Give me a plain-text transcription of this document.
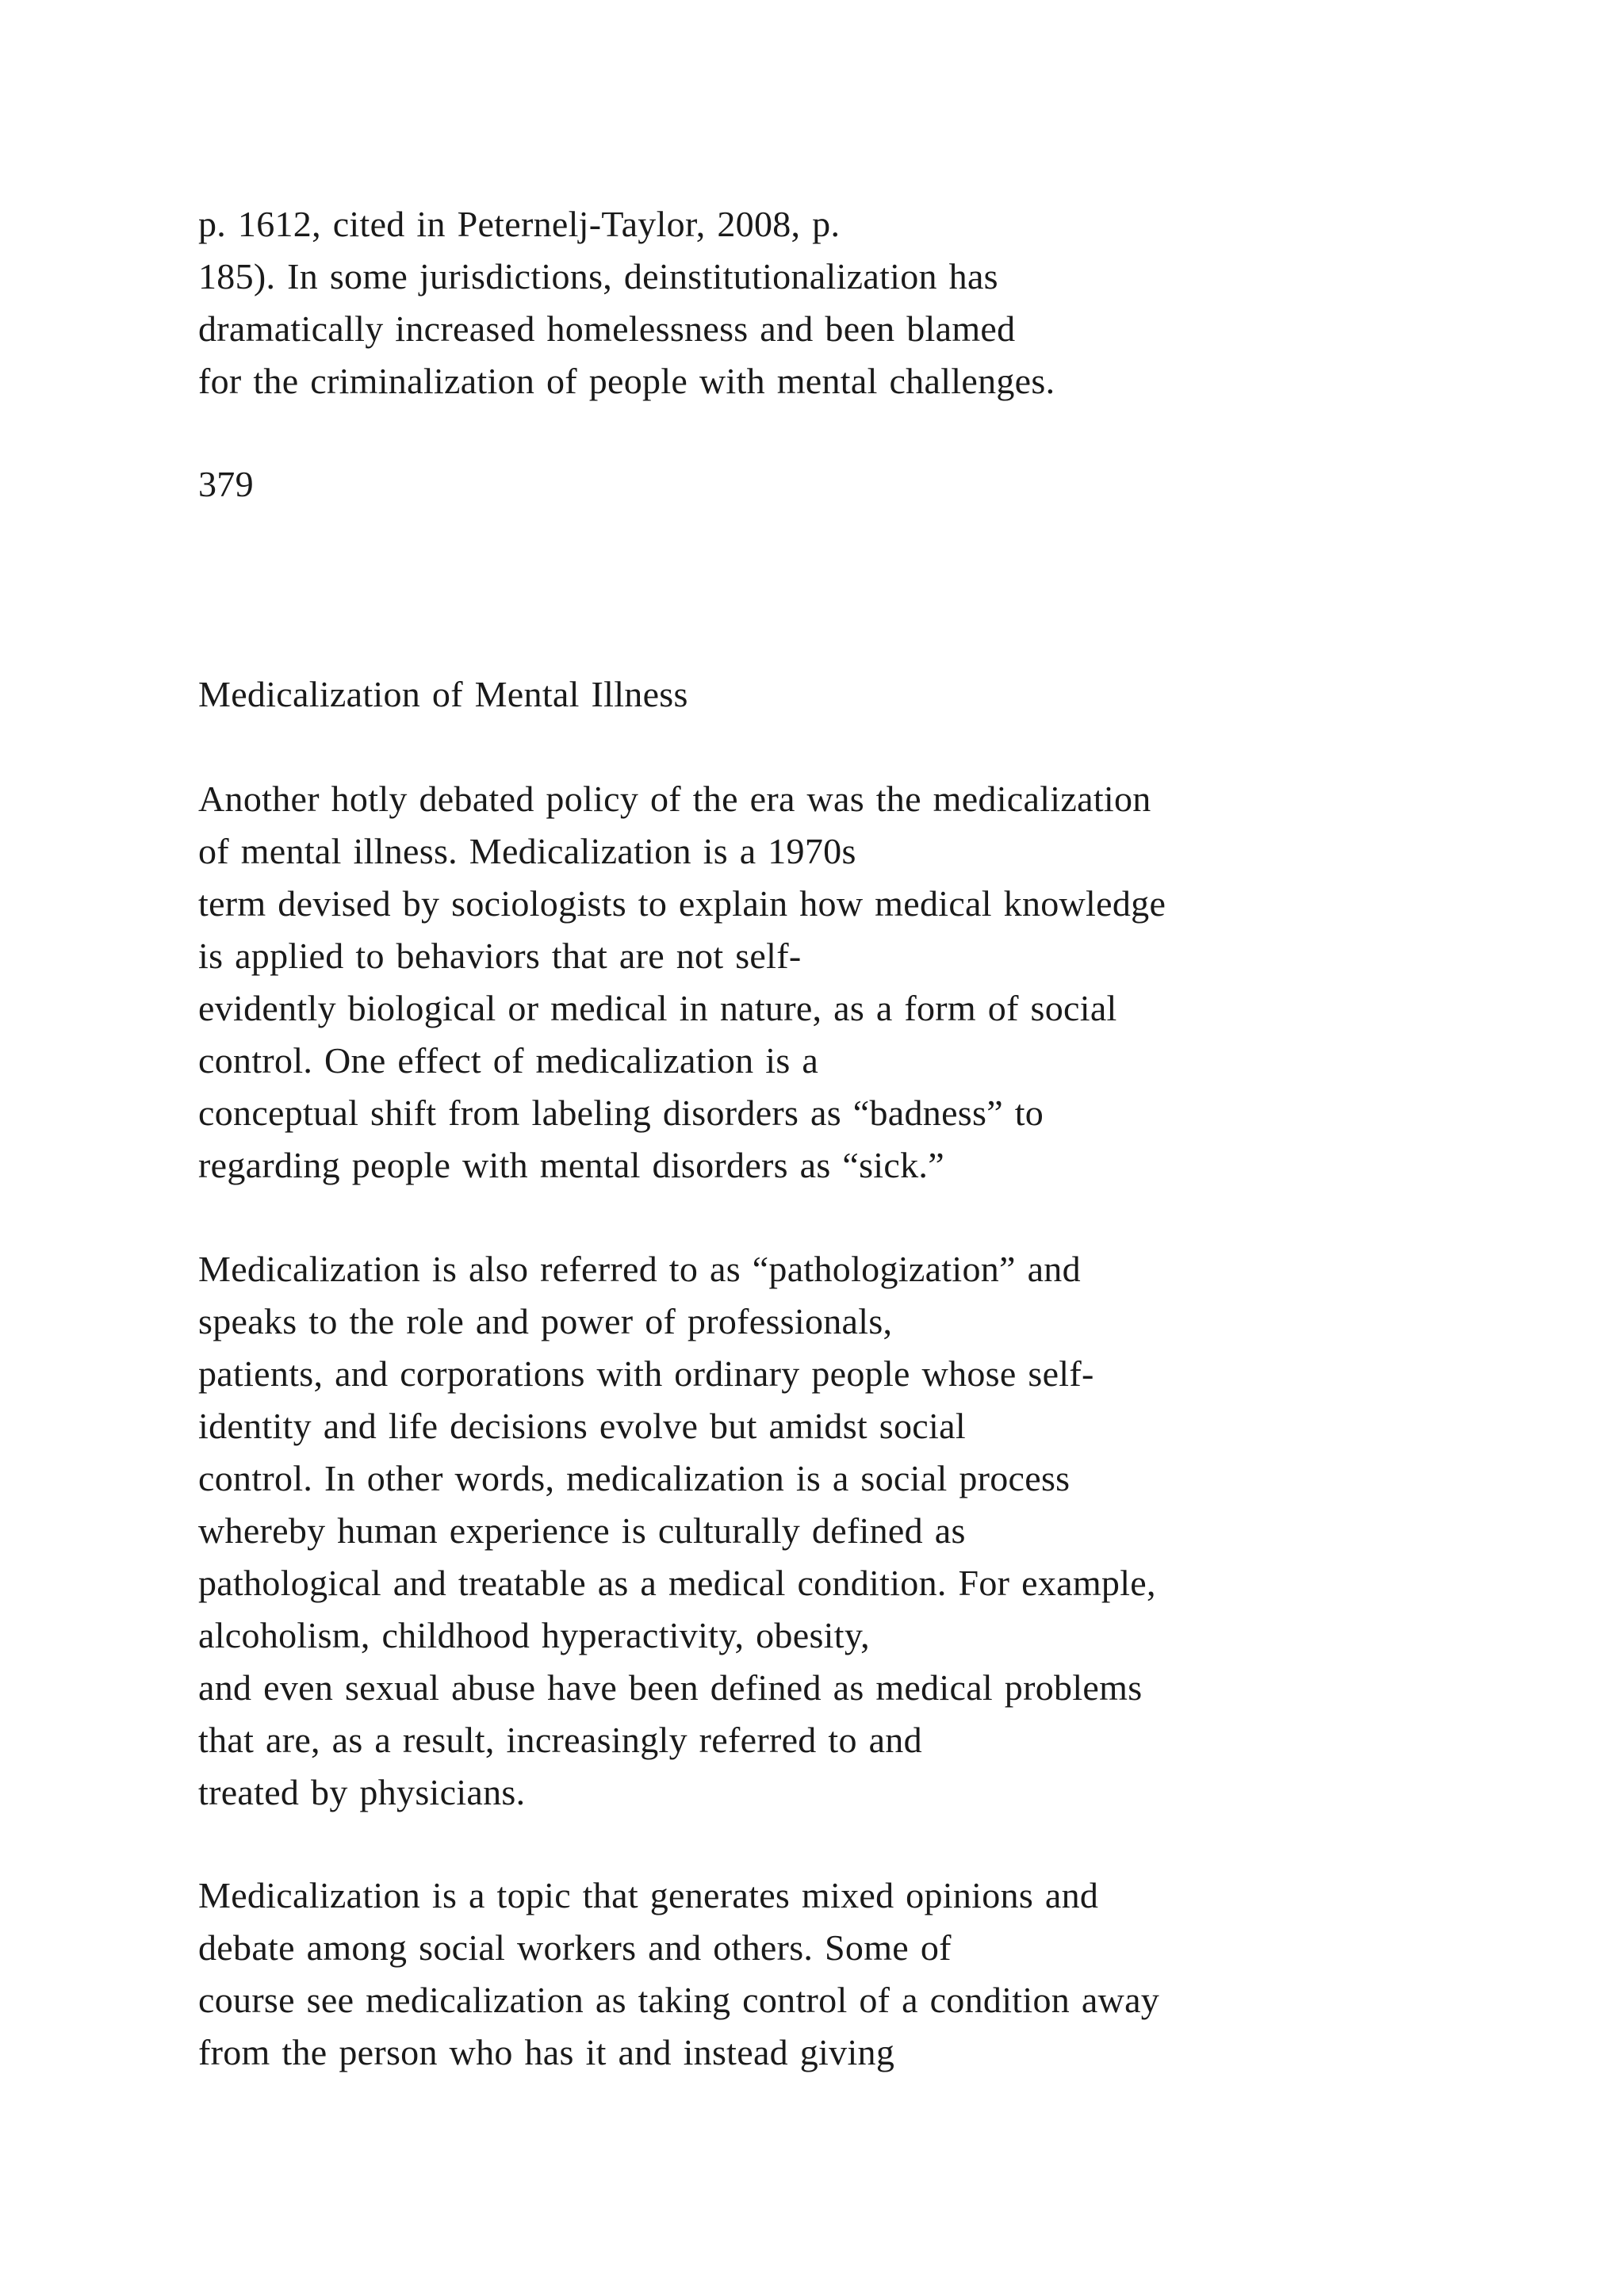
p. 1612, cited in Peternelj-Taylor, 2008, p.
185). In some jurisdictions, deinstitutionalization has
dramatically increased homelessness and been blamed
for the criminalization of people with mental challenges.
379
Medicalization of Mental Illness
Another hotly debated policy of the era was the medicalization
of mental illness. Medicalization is a 1970s
term devised by sociologists to explain how medical knowledge
is applied to behaviors that are not self-
evidently biological or medical in nature, as a form of social
control. One effect of medicalization is a
conceptual shift from labeling disorders as “badness” to
regarding people with mental disorders as “sick.”
Medicalization is also referred to as “pathologization” and
speaks to the role and power of professionals,
patients, and corporations with ordinary people whose self-
identity and life decisions evolve but amidst social
control. In other words, medicalization is a social process
whereby human experience is culturally defined as
pathological and treatable as a medical condition. For example,
alcoholism, childhood hyperactivity, obesity,
and even sexual abuse have been defined as medical problems
that are, as a result, increasingly referred to and
treated by physicians.
Medicalization is a topic that generates mixed opinions and
debate among social workers and others. Some of
course see medicalization as taking control of a condition away
from the person who has it and instead giving
